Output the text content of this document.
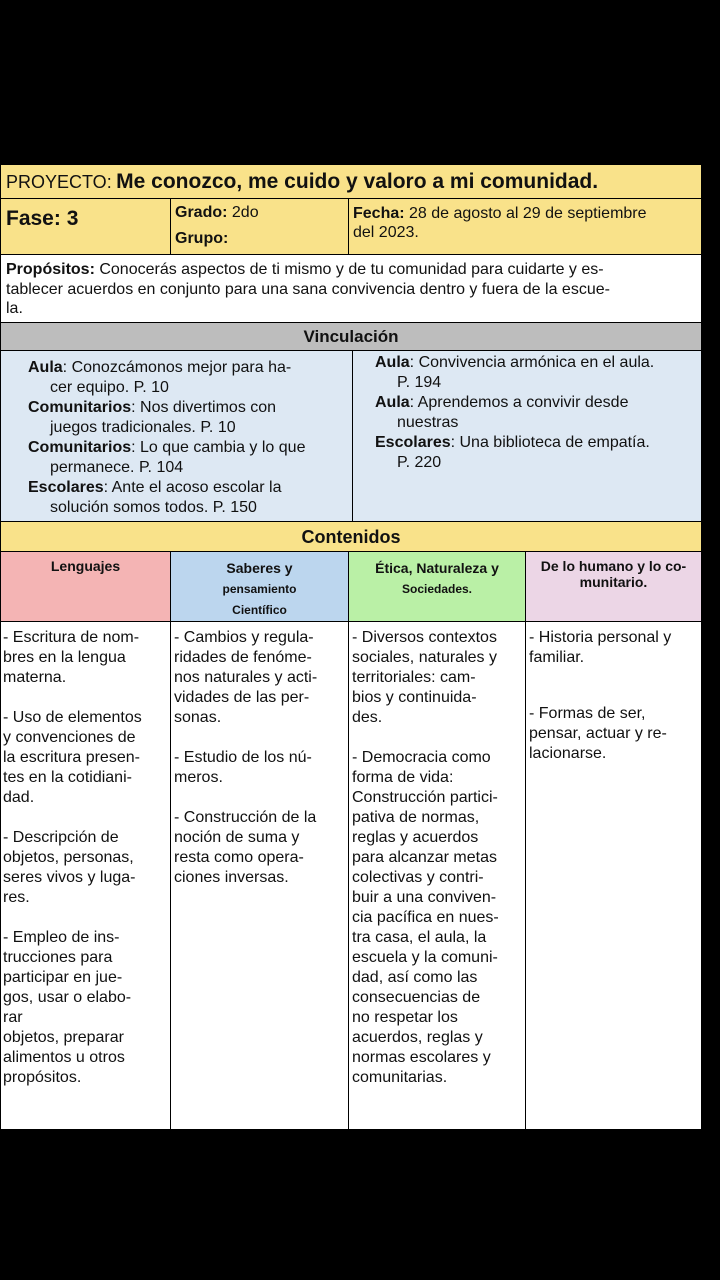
PROYECTO: Me conozco, me cuido y valoro a mi comunidad.
Fase: 3	Grado: 2do
Grupo:
Fecha: 28 de agosto al 29 de septiembre
del 2023.
Propósitos: Conocerás aspectos de ti mismo y de tu comunidad para cuidarte y es-
tablecer acuerdos en conjunto para una sana convivencia dentro y fuera de la escue-
la.
Vinculación
Aula: Conozcámonos mejor para ha-
cer equipo. P. 10
Comunitarios: Nos divertimos con
juegos tradicionales. P. 10
Comunitarios: Lo que cambia y lo que
permanece. P. 104
Escolares: Ante el acoso escolar la
solución somos todos. P. 150
Aula: Convivencia armónica en el aula.
P. 194
Aula: Aprendemos a convivir desde
nuestras
Escolares: Una biblioteca de empatía.
P. 220
Contenidos
Lenguajes	Saberes y
pensamiento
Científico
Ética, Naturaleza y
Sociedades.
De lo humano y lo co-
munitario.
- Escritura de nom-
bres en la lengua
materna.

- Uso de elementos
y convenciones de
la escritura presen-
tes en la cotidiani-
dad.

- Descripción de
objetos, personas,
seres vivos y luga-
res.

- Empleo de ins-
trucciones para
participar en jue-
gos, usar o elabo-
rar
objetos, preparar
alimentos u otros
propósitos.
- Cambios y regula-
ridades de fenóme-
nos naturales y acti-
vidades de las per-
sonas.

- Estudio de los nú-
meros.

- Construcción de la
noción de suma y
resta como opera-
ciones inversas.
- Diversos contextos
sociales, naturales y
territoriales: cam-
bios y continuida-
des.

- Democracia como
forma de vida:
Construcción partici-
pativa de normas,
reglas y acuerdos
para alcanzar metas
colectivas y contri-
buir a una conviven-
cia pacífica en nues-
tra casa, el aula, la
escuela y la comuni-
dad, así como las
consecuencias de
no respetar los
acuerdos, reglas y
normas escolares y
comunitarias.
- Historia personal y
familiar.
- Formas de ser,
pensar, actuar y re-
lacionarse.
